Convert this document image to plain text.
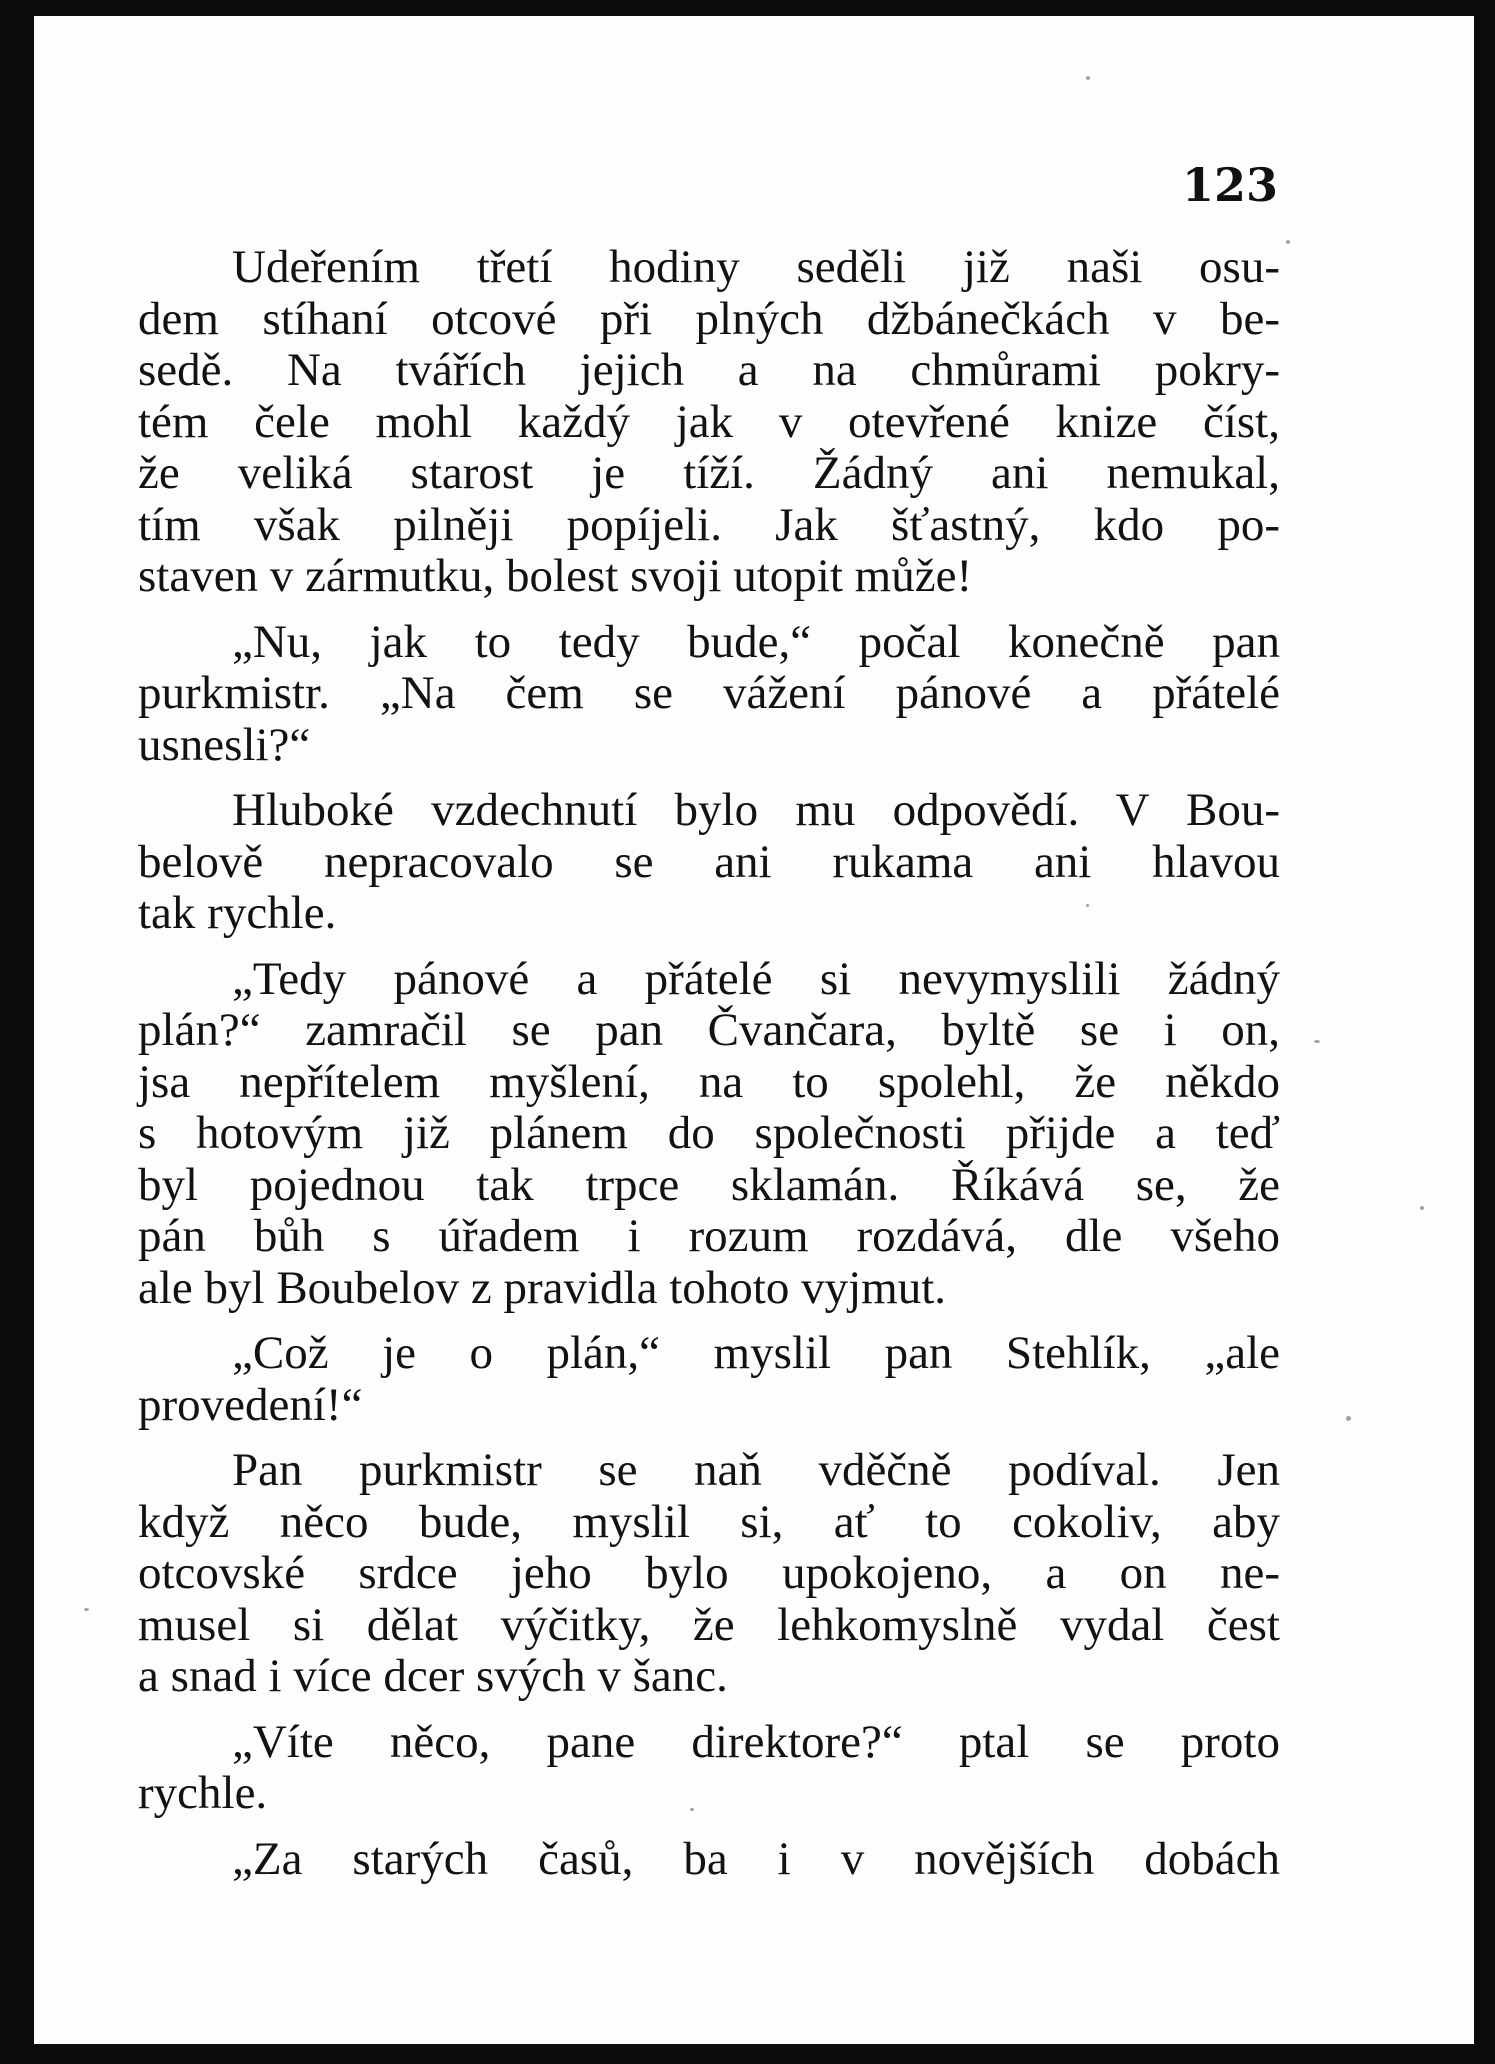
123

Udeřením třetí hodiny seděli již naši osu-
dem stíhaní otcové při plných džbánečkách v be-
sedě. Na tvářích jejich a na chmůrami pokry-
tém čele mohl každý jak v otevřené knize číst,
že veliká starost je tíží. Žádný ani nemukal,
tím však pilněji popíjeli. Jak šťastný, kdo po-
staven v zármutku, bolest svoji utopit může!

„Nu, jak to tedy bude,“ počal konečně pan
purkmistr. „Na čem se vážení pánové a přátelé
usnesli?“

Hluboké vzdechnutí bylo mu odpovědí. V Bou-
belově nepracovalo se ani rukama ani hlavou
tak rychle.

„Tedy pánové a přátelé si nevymyslili žádný
plán?“ zamračil se pan Čvančara, byltě se i on,
jsa nepřítelem myšlení, na to spolehl, že někdo
s hotovým již plánem do společnosti přijde a teď
byl pojednou tak trpce sklamán. Říkává se, že
pán bůh s úřadem i rozum rozdává, dle všeho
ale byl Boubelov z pravidla tohoto vyjmut.

„Což je o plán,“ myslil pan Stehlík, „ale
provedení!“

Pan purkmistr se naň vděčně podíval. Jen
když něco bude, myslil si, ať to cokoliv, aby
otcovské srdce jeho bylo upokojeno, a on ne-
musel si dělat výčitky, že lehkomyslně vydal čest
a snad i více dcer svých v šanc.

„Víte něco, pane direktore?“ ptal se proto
rychle.

„Za starých časů, ba i v novějších dobách
